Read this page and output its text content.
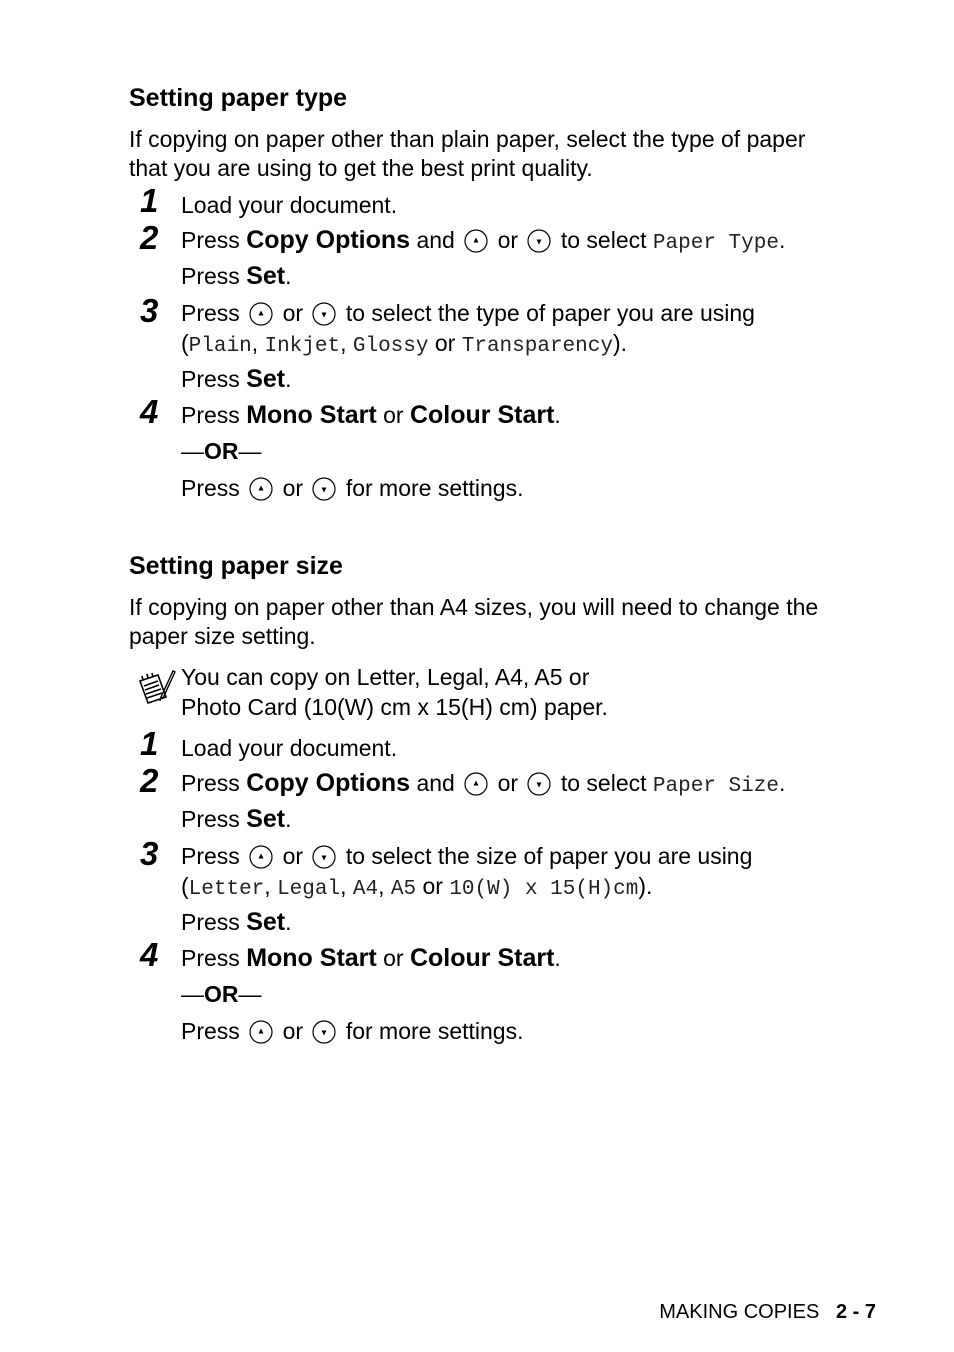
Setting paper type
If copying on paper other than plain paper, select the type of paper
that you are using to get the best print quality.
1 Load your document.
2 Press Copy Options and or to select Paper Type.
Press Set.
3 Press or to select the type of paper you are using
(Plain, Inkjet, Glossy or Transparency).
Press Set.
4 Press Mono Start or Colour Start.
—OR—
Press or for more settings.
Setting paper size
If copying on paper other than A4 sizes, you will need to change the
paper size setting.
You can copy on Letter, Legal, A4, A5 or
Photo Card (10(W) cm x 15(H) cm) paper.
1 Load your document.
2 Press Copy Options and or to select Paper Size.
Press Set.
3 Press or to select the size of paper you are using
(Letter, Legal, A4, A5 or 10(W) x 15(H)cm).
Press Set.
4 Press Mono Start or Colour Start.
—OR—
Press or for more settings.
MAKING COPIES 2 - 7
